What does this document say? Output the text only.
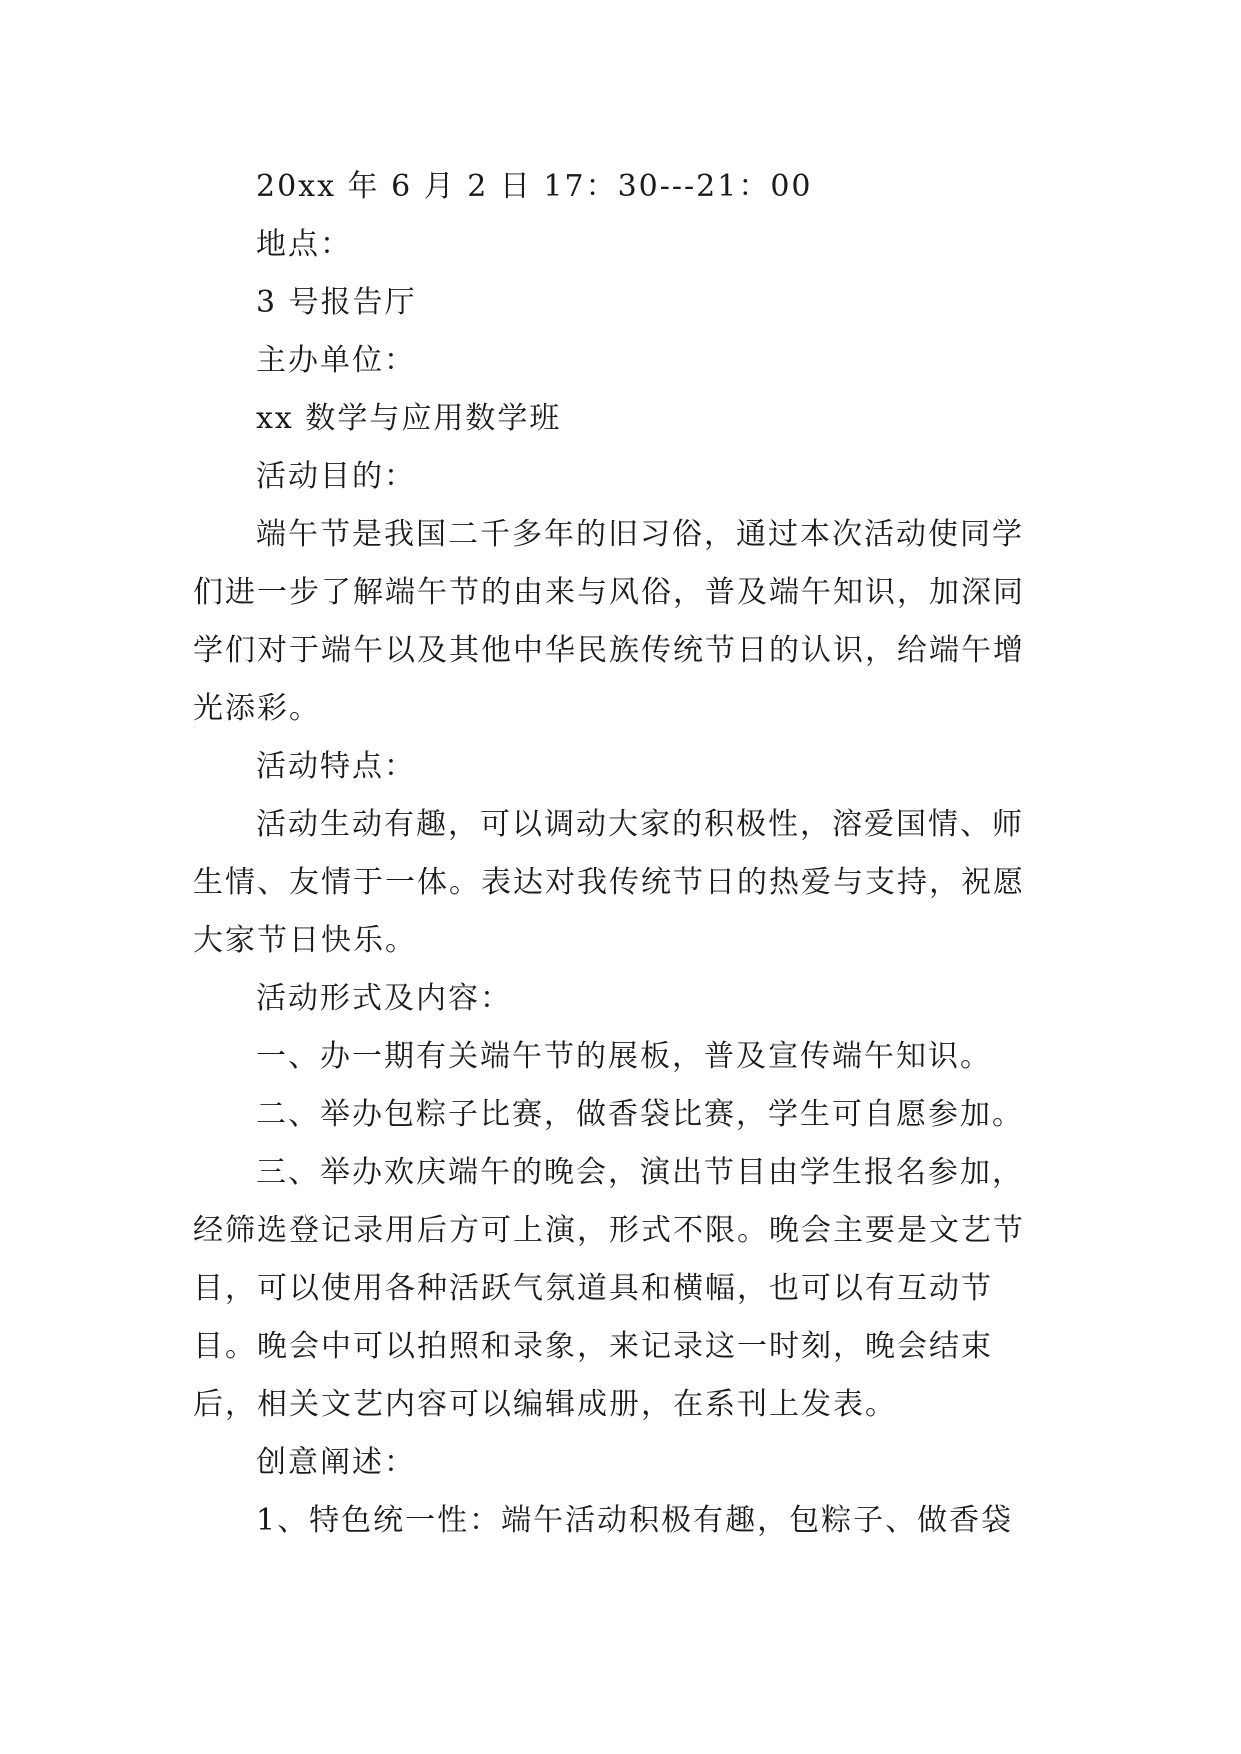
20xx 年 6 月 2 日 17：30---21：00

地点：

3 号报告厅

主办单位：

xx 数学与应用数学班

活动目的：

端午节是我国二千多年的旧习俗，通过本次活动使同学们进一步了解端午节的由来与风俗，普及端午知识，加深同学们对于端午以及其他中华民族传统节日的认识，给端午增光添彩。

活动特点：

活动生动有趣，可以调动大家的积极性，溶爱国情、师生情、友情于一体。表达对我传统节日的热爱与支持，祝愿大家节日快乐。

活动形式及内容：

一、办一期有关端午节的展板，普及宣传端午知识。

二、举办包粽子比赛，做香袋比赛，学生可自愿参加。

三、举办欢庆端午的晚会，演出节目由学生报名参加，经筛选登记录用后方可上演，形式不限。晚会主要是文艺节目，可以使用各种活跃气氛道具和横幅，也可以有互动节目。晚会中可以拍照和录象，来记录这一时刻，晚会结束后，相关文艺内容可以编辑成册，在系刊上发表。

创意阐述：

1、特色统一性：端午活动积极有趣，包粽子、做香袋
